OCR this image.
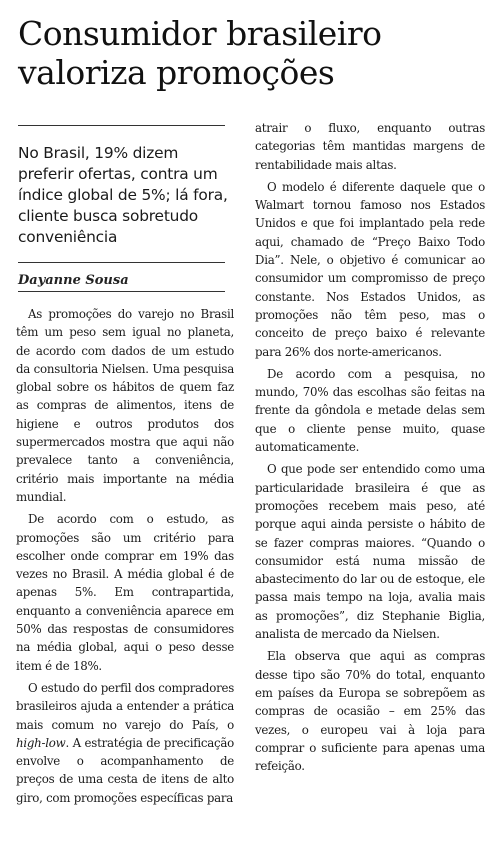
Consumidor brasileiro
valoriza promoções
No Brasil, 19% dizem preferir ofertas, contra um índice global de 5%; lá fora, cliente busca sobretudo conveniência
Dayanne Sousa

As promoções do varejo no Brasil têm um peso sem igual no planeta, de acordo com dados de um estudo da consultoria Nielsen. Uma pesquisa global sobre os hábitos de quem faz as compras de alimentos, itens de higiene e outros produtos dos supermercados mostra que aqui não prevalece tanto a conveniência, critério mais importante na média mundial.

De acordo com o estudo, as promoções são um critério para escolher onde comprar em 19% das vezes no Brasil. A média global é de apenas 5%. Em contrapartida, enquanto a conveniência aparece em 50% das respostas de consumidores na média global, aqui o peso desse item é de 18%.

O estudo do perfil dos compradores brasileiros ajuda a entender a prática mais comum no varejo do País, o high-low. A estratégia de precificação envolve o acompanhamento de preços de uma cesta de itens de alto giro, com promoções específicas para

atrair o fluxo, enquanto outras categorias têm mantidas margens de rentabilidade mais altas.

O modelo é diferente daquele que o Walmart tornou famoso nos Estados Unidos e que foi implantado pela rede aqui, chamado de “Preço Baixo Todo Dia”. Nele, o objetivo é comunicar ao consumidor um compromisso de preço constante. Nos Estados Unidos, as promoções não têm peso, mas o conceito de preço baixo é relevante para 26% dos norte-americanos.

De acordo com a pesquisa, no mundo, 70% das escolhas são feitas na frente da gôndola e metade delas sem que o cliente pense muito, quase automaticamente.

O que pode ser entendido como uma particularidade brasileira é que as promoções recebem mais peso, até porque aqui ainda persiste o hábito de se fazer compras maiores. “Quando o consumidor está numa missão de abastecimento do lar ou de estoque, ele passa mais tempo na loja, avalia mais as promoções”, diz Stephanie Biglia, analista de mercado da Nielsen.

Ela observa que aqui as compras desse tipo são 70% do total, enquanto em países da Europa se sobrepõem as compras de ocasião – em 25% das vezes, o europeu vai à loja para comprar o suficiente para apenas uma refeição.
